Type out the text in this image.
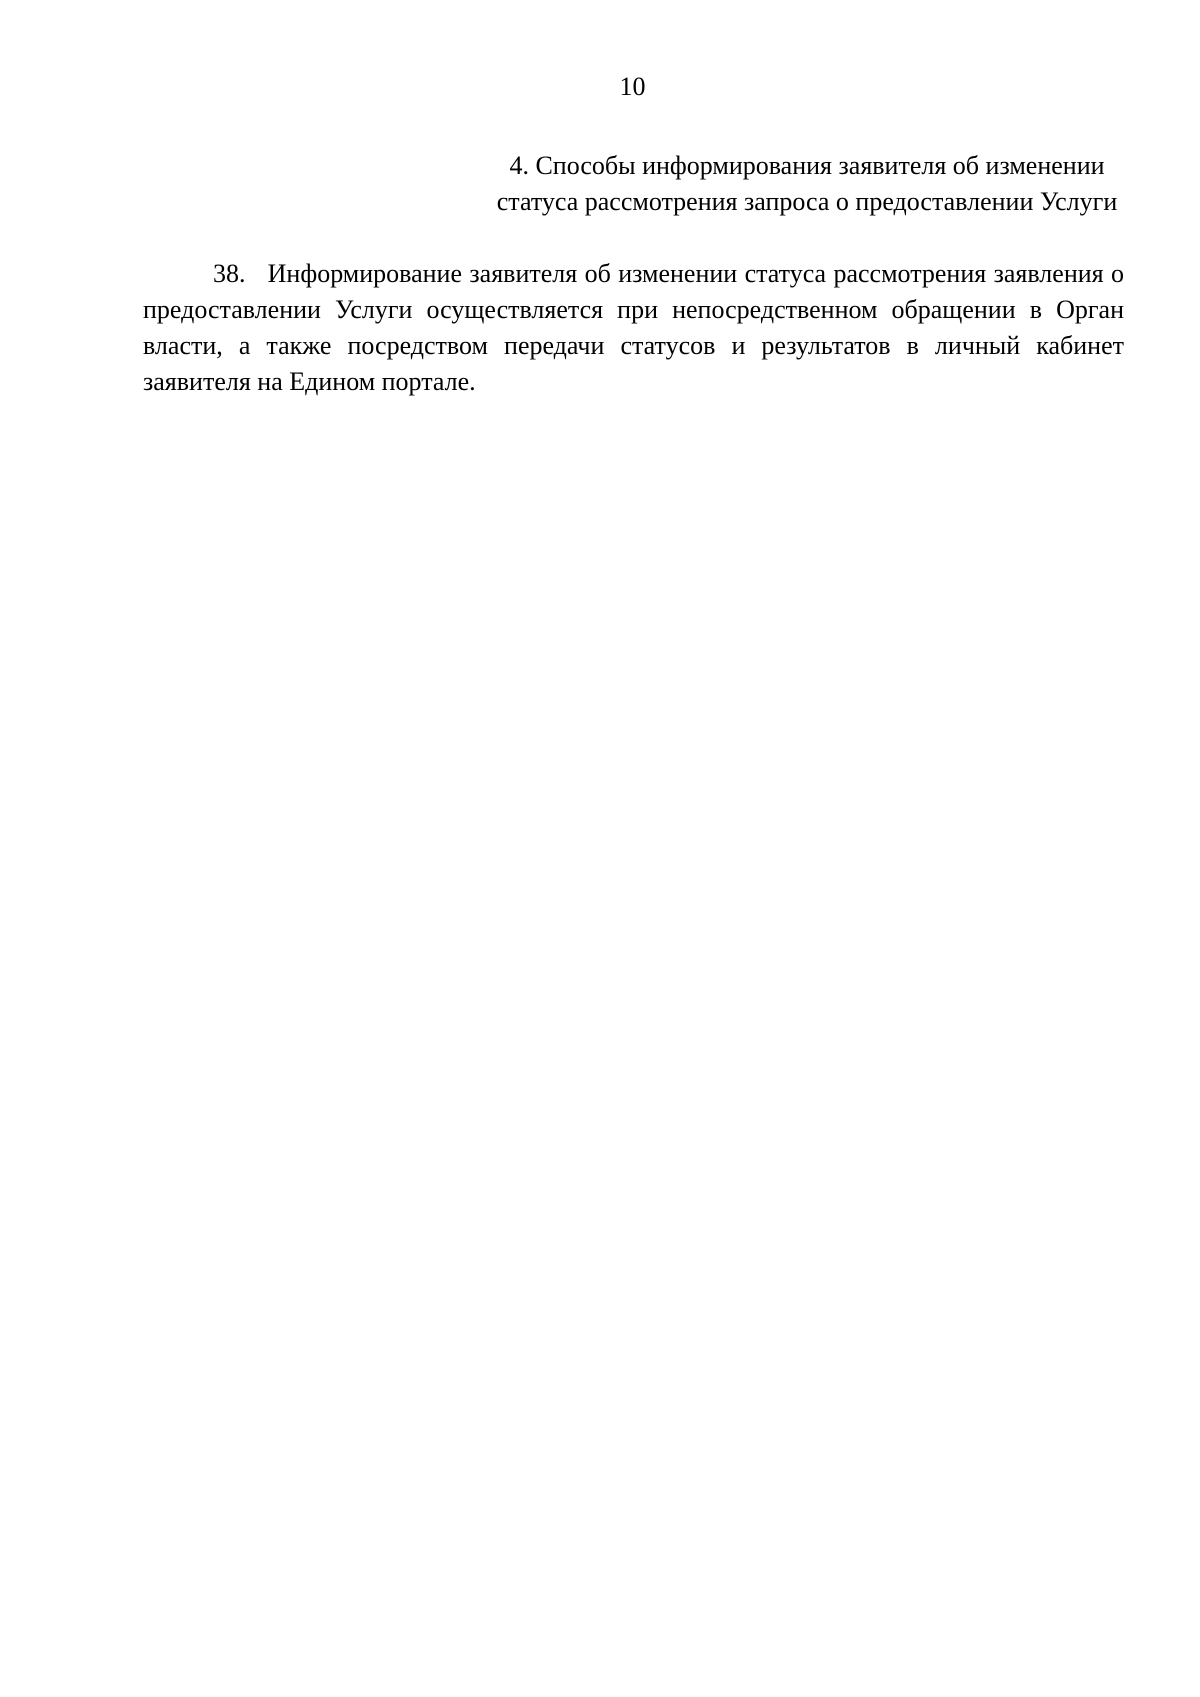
10
4. Способы информирования заявителя об изменении
статуса рассмотрения запроса о предоставлении Услуги

38.   Информирование заявителя об изменении статуса рассмотрения заявления о предоставлении Услуги осуществляется при непосредственном обращении в Орган власти, а также посредством передачи статусов и результатов в личный кабинет заявителя на Едином портале.
